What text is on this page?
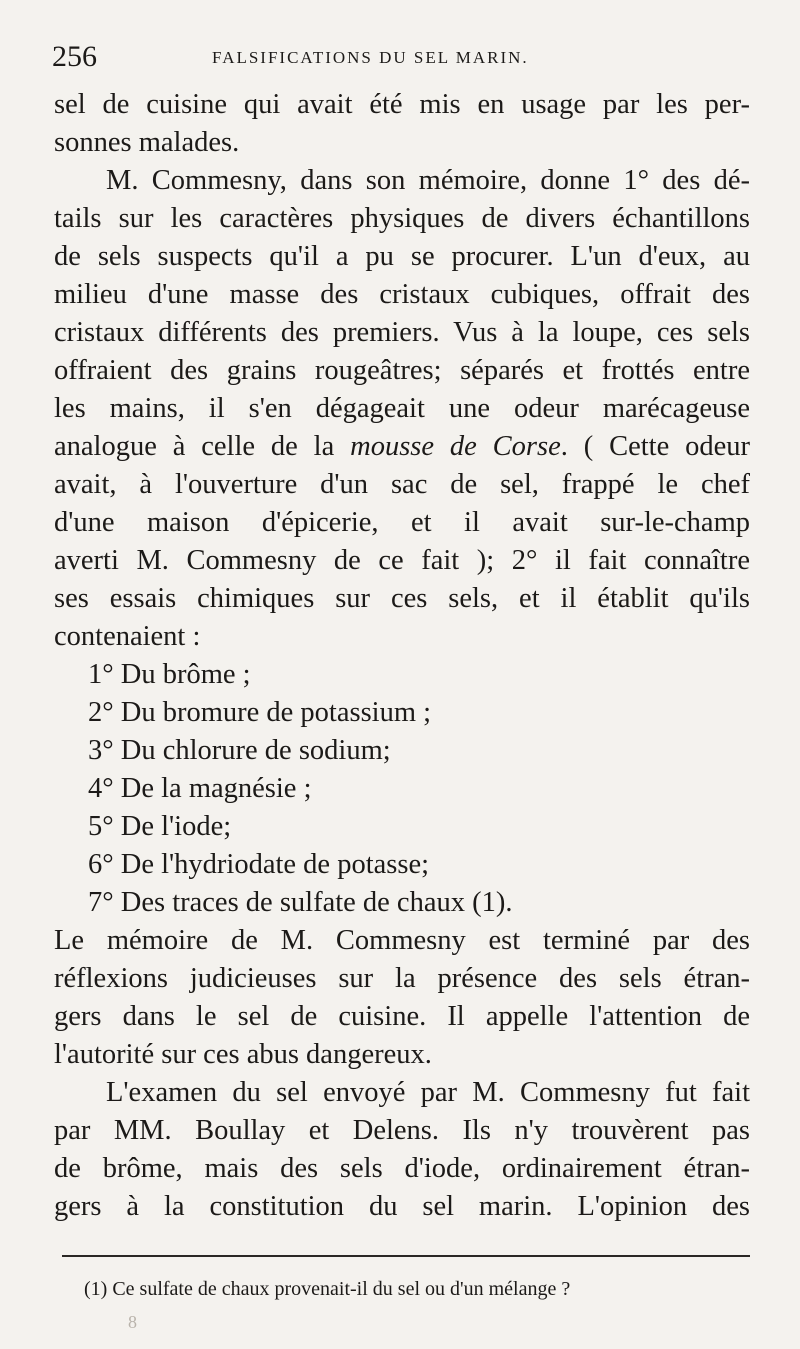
256	FALSIFICATIONS DU SEL MARIN.
sel de cuisine qui avait été mis en usage par les per-
sonnes malades.
M. Commesny, dans son mémoire, donne 1° des dé-
tails sur les caractères physiques de divers échantillons
de sels suspects qu'il a pu se procurer. L'un d'eux, au
milieu d'une masse des cristaux cubiques, offrait des
cristaux différents des premiers. Vus à la loupe, ces sels
offraient des grains rougeâtres; séparés et frottés entre
les mains, il s'en dégageait une odeur marécageuse
analogue à celle de la mousse de Corse. ( Cette odeur
avait, à l'ouverture d'un sac de sel, frappé le chef
d'une maison d'épicerie, et il avait sur-le-champ
averti M. Commesny de ce fait ); 2° il fait connaître
ses essais chimiques sur ces sels, et il établit qu'ils
contenaient :
1° Du brôme ;
2° Du bromure de potassium ;
3° Du chlorure de sodium;
4° De la magnésie ;
5° De l'iode;
6° De l'hydriodate de potasse;
7° Des traces de sulfate de chaux (1).
Le mémoire de M. Commesny est terminé par des
réflexions judicieuses sur la présence des sels étran-
gers dans le sel de cuisine. Il appelle l'attention de
l'autorité sur ces abus dangereux.
L'examen du sel envoyé par M. Commesny fut fait
par MM. Boullay et Delens. Ils n'y trouvèrent pas
de brôme, mais des sels d'iode, ordinairement étran-
gers à la constitution du sel marin. L'opinion des
(1) Ce sulfate de chaux provenait-il du sel ou d'un mélange ?
8
